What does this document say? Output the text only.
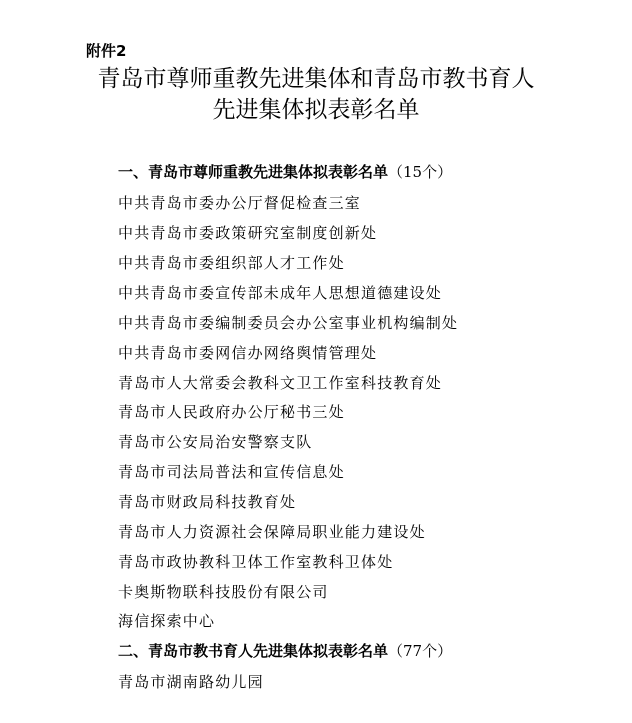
附件2
青岛市尊师重教先进集体和青岛市教书育人
先进集体拟表彰名单
一、青岛市尊师重教先进集体拟表彰名单（15个）
中共青岛市委办公厅督促检查三室
中共青岛市委政策研究室制度创新处
中共青岛市委组织部人才工作处
中共青岛市委宣传部未成年人思想道德建设处
中共青岛市委编制委员会办公室事业机构编制处
中共青岛市委网信办网络舆情管理处
青岛市人大常委会教科文卫工作室科技教育处
青岛市人民政府办公厅秘书三处
青岛市公安局治安警察支队
青岛市司法局普法和宣传信息处
青岛市财政局科技教育处
青岛市人力资源社会保障局职业能力建设处
青岛市政协教科卫体工作室教科卫体处
卡奥斯物联科技股份有限公司
海信探索中心
二、青岛市教书育人先进集体拟表彰名单（77个）
青岛市湖南路幼儿园
